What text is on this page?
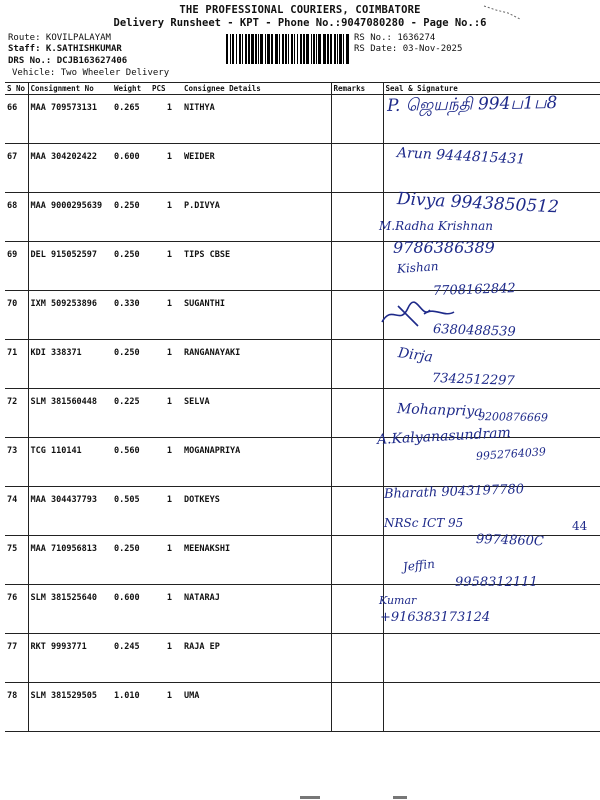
THE PROFESSIONAL COURIERS, COIMBATORE
Delivery Runsheet - KPT - Phone No.:9047080280 - Page No.:6
Route: KOVILPALAYAM
Staff: K.SATHISHKUMAR
DRS No.: DCJB163627406
Vehicle: Two Wheeler Delivery
RS No.: 1636274
RS Date: 03-Nov-2025
S No	Consignment No	Weight	PCS	Consignee Details	Remarks	Seal & Signature
66	MAA 709573131	0.265	1	NITHYA		
67	MAA 304202422	0.600	1	WEIDER		
68	MAA 9000295639	0.250	1	P.DIVYA		
69	DEL 915052597	0.250	1	TIPS CBSE		
70	IXM 509253896	0.330	1	SUGANTHI		
71	KDI 338371	0.250	1	RANGANAYAKI		
72	SLM 381560448	0.225	1	SELVA		
73	TCG 110141	0.560	1	MOGANAPRIYA		
74	MAA 304437793	0.505	1	DOTKEYS		
75	MAA 710956813	0.250	1	MEENAKSHI		
76	SLM 381525640	0.600	1	NATARAJ		
77	RKT 9993771	0.245	1	RAJA EP		
78	SLM 381529505	1.010	1	UMA		
44
P. ஜெயந்தி 994ப1ப8
Arun 9444815431
Divya 9943850512
M.Radha Krishnan
9786386389
Kishan
7708162842
6380488539
Dirja
7342512297
Mohanpriya
9200876669
A.Kalyanasundram
9952764039
Bharath 9043197780
NRSc ICT 95
9974860C
Jeffin
9958312111
Kumar
+916383173124
